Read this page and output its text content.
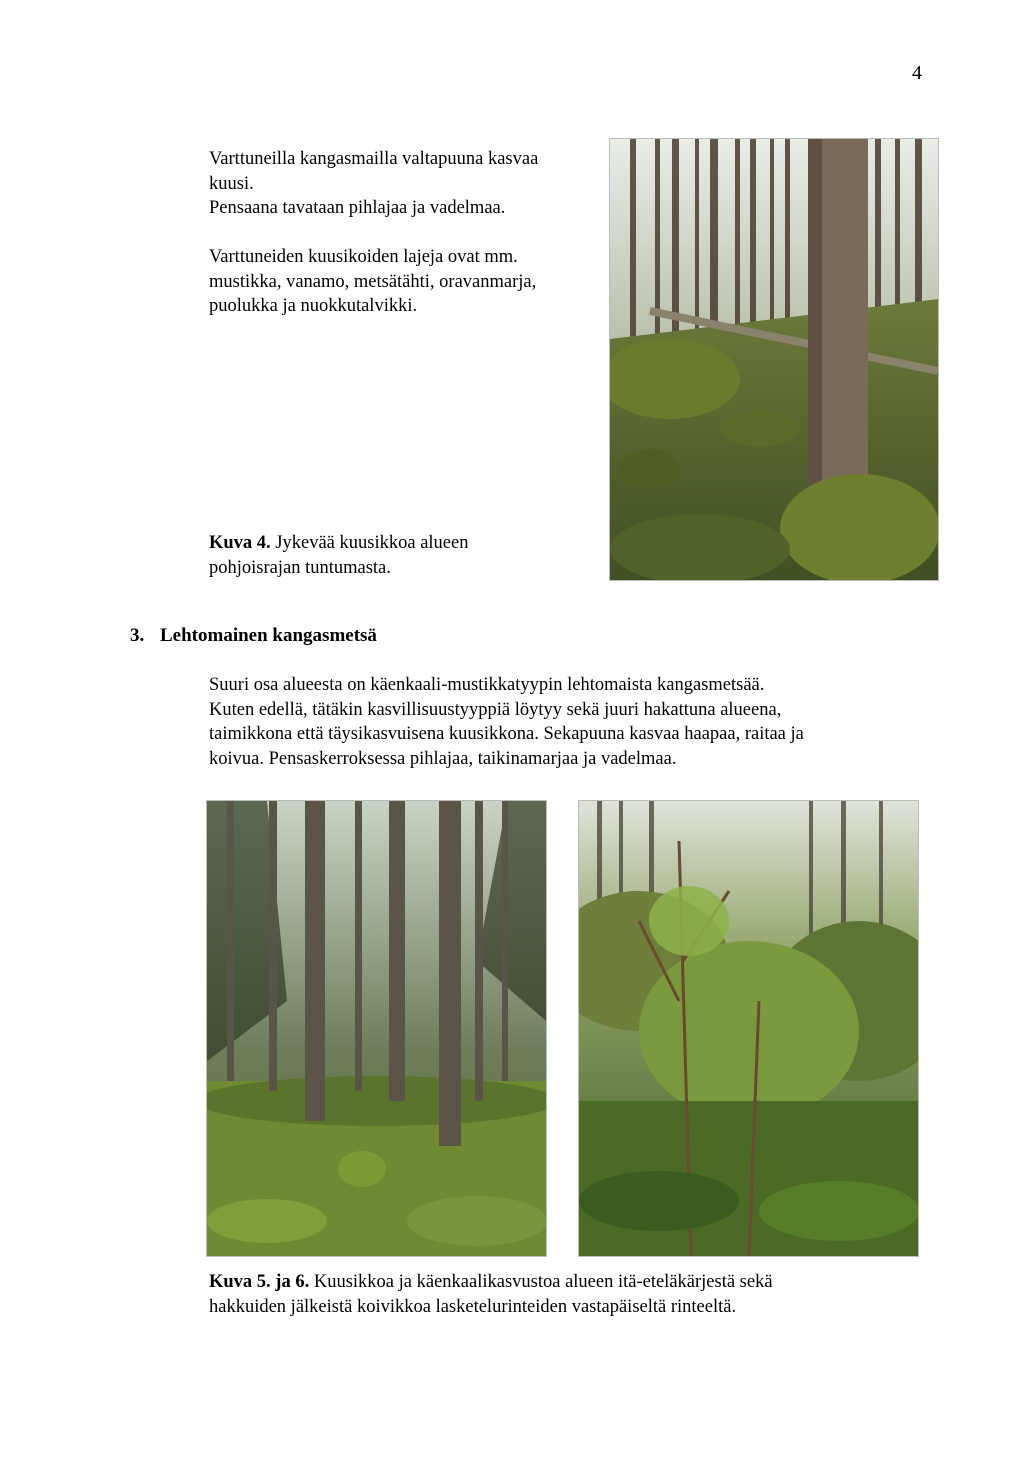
4
Varttuneilla kangasmailla valtapuuna kasvaa
kuusi.
Pensaana tavataan pihlajaa ja vadelmaa.
Varttuneiden kuusikoiden lajeja ovat mm.
mustikka, vanamo, metsätähti, oravanmarja,
puolukka ja nuokkutalvikki.
Kuva 4. Jykevää kuusikkoa alueen
pohjoisrajan tuntumasta.
3. Lehtomainen kangasmetsä
Suuri osa alueesta on käenkaali-mustikkatyypin lehtomaista kangasmetsää.
Kuten edellä, tätäkin kasvillisuustyyppiä löytyy sekä juuri hakattuna alueena,
taimikkona että täysikasvuisena kuusikkona. Sekapuuna kasvaa haapaa, raitaa ja
koivua. Pensaskerroksessa pihlajaa, taikinamarjaa ja vadelmaa.
Kuva 5. ja 6. Kuusikkoa ja käenkaalikasvustoa alueen itä-eteläkärjestä sekä
hakkuiden jälkeistä koivikkoa lasketelurinteiden vastapäiseltä rinteeltä.
